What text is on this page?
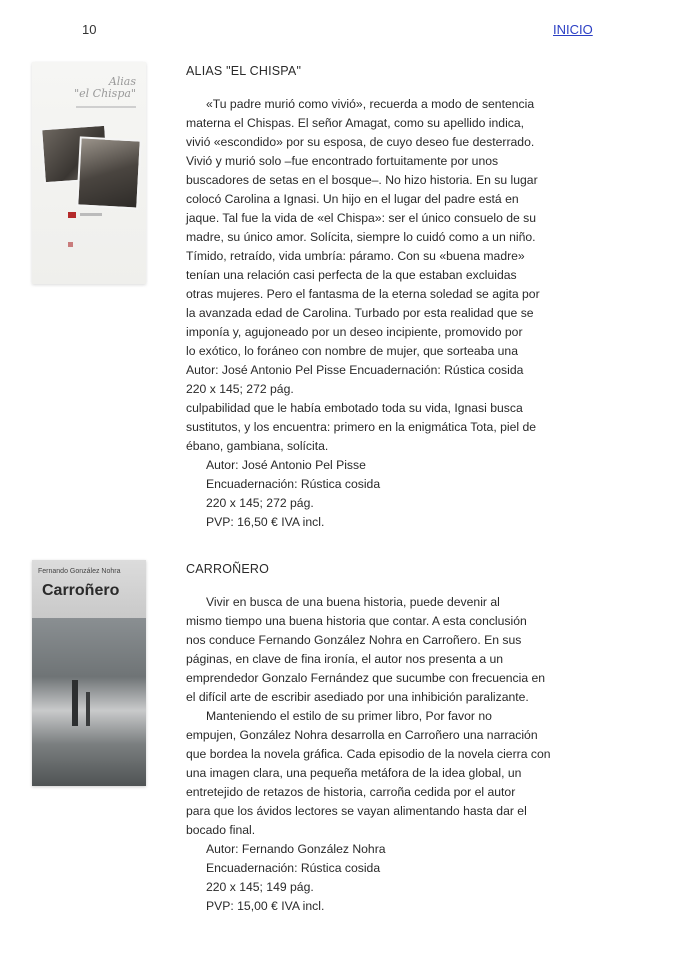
10	INICIO
Alias
"el Chispa"
ALIAS "EL CHISPA"

«Tu padre murió como vivió», recuerda a modo de sentencia

materna el Chispas. El señor Amagat, como su apellido indica,

vivió «escondido» por su esposa, de cuyo deseo fue desterrado.

Vivió y murió solo –fue encontrado fortuitamente por unos

buscadores de setas en el bosque–. No hizo historia. En su lugar

colocó Carolina a Ignasi. Un hijo en el lugar del padre está en

jaque. Tal fue la vida de «el Chispa»: ser el único consuelo de su

madre, su único amor. Solícita, siempre lo cuidó como a un niño.

Tímido, retraído, vida umbría: páramo. Con su «buena madre»

tenían una relación casi perfecta de la que estaban excluidas

otras mujeres. Pero el fantasma de la eterna soledad se agita por

la avanzada edad de Carolina. Turbado por esta realidad que se

imponía y, agujoneado por un deseo incipiente, promovido por

lo exótico, lo foráneo con nombre de mujer, que sorteaba una

Autor: José Antonio Pel Pisse Encuadernación: Rústica cosida

220 x 145; 272 pág.

culpabilidad que le había embotado toda su vida, Ignasi busca

sustitutos, y los encuentra: primero en la enigmática Tota, piel de

ébano, gambiana, solícita.

Autor: José Antonio Pel Pisse

Encuadernación: Rústica cosida

220 x 145; 272 pág.

PVP: 16,50 € IVA incl.

Fernando González Nohra
Carroñero
CARROÑERO

Vivir en busca de una buena historia, puede devenir al

mismo tiempo una buena historia que contar. A esta conclusión

nos conduce Fernando González Nohra en Carroñero. En sus

páginas, en clave de fina ironía, el autor nos presenta a un

emprendedor Gonzalo Fernández que sucumbe con frecuencia en

el difícil arte de escribir asediado por una inhibición paralizante.

Manteniendo el estilo de su primer libro, Por favor no

empujen, González Nohra desarrolla en Carroñero una narración

que bordea la novela gráfica. Cada episodio de la novela cierra con

una imagen clara, una pequeña metáfora de la idea global, un

entretejido de retazos de historia, carroña cedida por el autor

para que los ávidos lectores se vayan alimentando hasta dar el

bocado final.

Autor: Fernando González Nohra

Encuadernación: Rústica cosida

220 x 145; 149 pág.

PVP: 15,00 € IVA incl.
